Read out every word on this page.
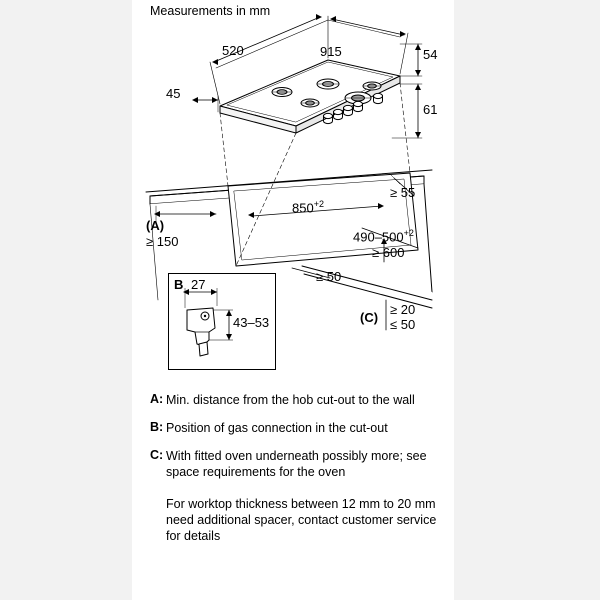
Measurements in mm
520	915
45
54
61
$850^{+2}$
$490-500^{+2}$
≥ 55
≥ 600
≥ 50
(A)
≥ 150
(C)
≥ 20
≤ 50
27
43–53
B
A: Min. distance from the hob cut-out to the wall
B: Position of gas connection in the cut-out
C: With fitted oven underneath possibly more; see space requirements for the oven
For worktop thickness between 12 mm to 20 mm need additional spacer, contact customer service for details
